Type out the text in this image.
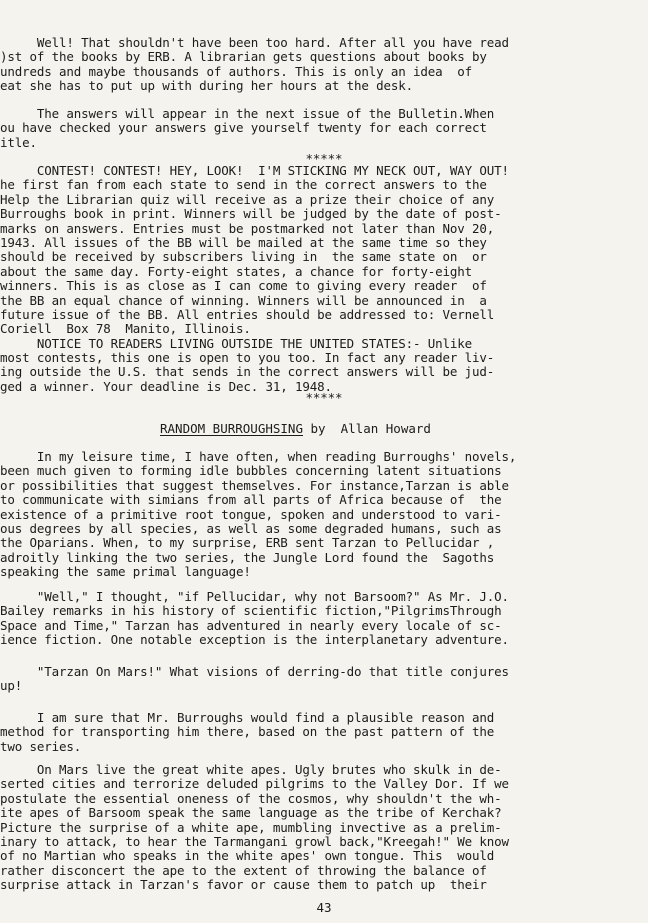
Well! That shouldn't have been too hard. After all you have read
)st of the books by ERB. A librarian gets questions about books by
undreds and maybe thousands of authors. This is only an idea  of
eat she has to put up with during her hours at the desk.
The answers will appear in the next issue of the Bulletin.When
ou have checked your answers give yourself twenty for each correct
itle.
*****
CONTEST! CONTEST! HEY, LOOK!  I'M STICKING MY NECK OUT, WAY OUT!
he first fan from each state to send in the correct answers to the
Help the Librarian quiz will receive as a prize their choice of any
Burroughs book in print. Winners will be judged by the date of post-
marks on answers. Entries must be postmarked not later than Nov 20,
1943. All issues of the BB will be mailed at the same time so they
should be received by subscribers living in  the same state on  or
about the same day. Forty-eight states, a chance for forty-eight
winners. This is as close as I can come to giving every reader  of
the BB an equal chance of winning. Winners will be announced in  a
future issue of the BB. All entries should be addressed to: Vernell
Coriell  Box 78  Manito, Illinois.
NOTICE TO READERS LIVING OUTSIDE THE UNITED STATES:- Unlike
most contests, this one is open to you too. In fact any reader liv-
ing outside the U.S. that sends in the correct answers will be jud-
ged a winner. Your deadline is Dec. 31, 1948.
*****
RANDOM BURROUGHSING by  Allan Howard
In my leisure time, I have often, when reading Burroughs' novels,
been much given to forming idle bubbles concerning latent situations
or possibilities that suggest themselves. For instance,Tarzan is able
to communicate with simians from all parts of Africa because of  the
existence of a primitive root tongue, spoken and understood to vari-
ous degrees by all species, as well as some degraded humans, such as
the Oparians. When, to my surprise, ERB sent Tarzan to Pellucidar ,
adroitly linking the two series, the Jungle Lord found the  Sagoths
speaking the same primal language!
"Well," I thought, "if Pellucidar, why not Barsoom?" As Mr. J.O.
Bailey remarks in his history of scientific fiction,"PilgrimsThrough
Space and Time," Tarzan has adventured in nearly every locale of sc-
ience fiction. One notable exception is the interplanetary adventure.
"Tarzan On Mars!" What visions of derring-do that title conjures
up!
I am sure that Mr. Burroughs would find a plausible reason and
method for transporting him there, based on the past pattern of the
two series.
On Mars live the great white apes. Ugly brutes who skulk in de-
serted cities and terrorize deluded pilgrims to the Valley Dor. If we
postulate the essential oneness of the cosmos, why shouldn't the wh-
ite apes of Barsoom speak the same language as the tribe of Kerchak?
Picture the surprise of a white ape, mumbling invective as a prelim-
inary to attack, to hear the Tarmangani growl back,"Kreegah!" We know
of no Martian who speaks in the white apes' own tongue. This  would
rather disconcert the ape to the extent of throwing the balance of
surprise attack in Tarzan's favor or cause them to patch up  their
43
